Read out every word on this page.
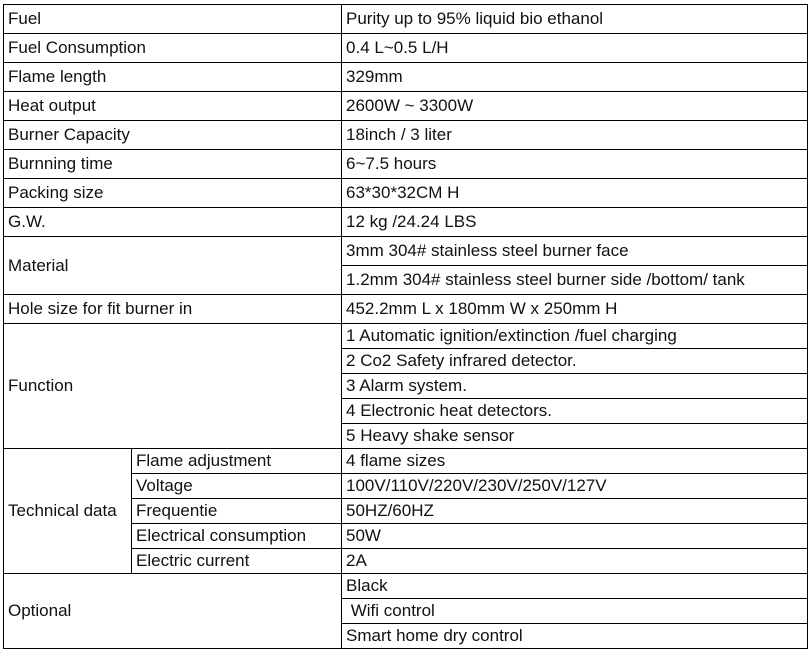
Fuel		Purity up to 95% liquid bio ethanol
Fuel Consumption		0.4 L~0.5 L/H
Flame length		329mm
Heat output		2600W ~ 3300W
Burner Capacity		18inch / 3 liter
Burnning time		6~7.5 hours
Packing size		63*30*32CM H
G.W.		12 kg /24.24 LBS
Material		3mm 304# stainless steel burner face
		1.2mm 304# stainless steel burner side /bottom/ tank
Hole size for fit burner in		452.2mm L x 180mm W x 250mm H
Function		1 Automatic ignition/extinction /fuel charging
		2 Co2 Safety infrared detector.
		3 Alarm system.
		4 Electronic heat detectors.
		5 Heavy shake sensor
Technical data	Flame adjustment	4 flame sizes
	Voltage	100V/110V/220V/230V/250V/127V
	Frequentie	50HZ/60HZ
	Electrical consumption	50W
	Electric current	2A
Optional		Black
		Wifi control
		Smart home dry control
